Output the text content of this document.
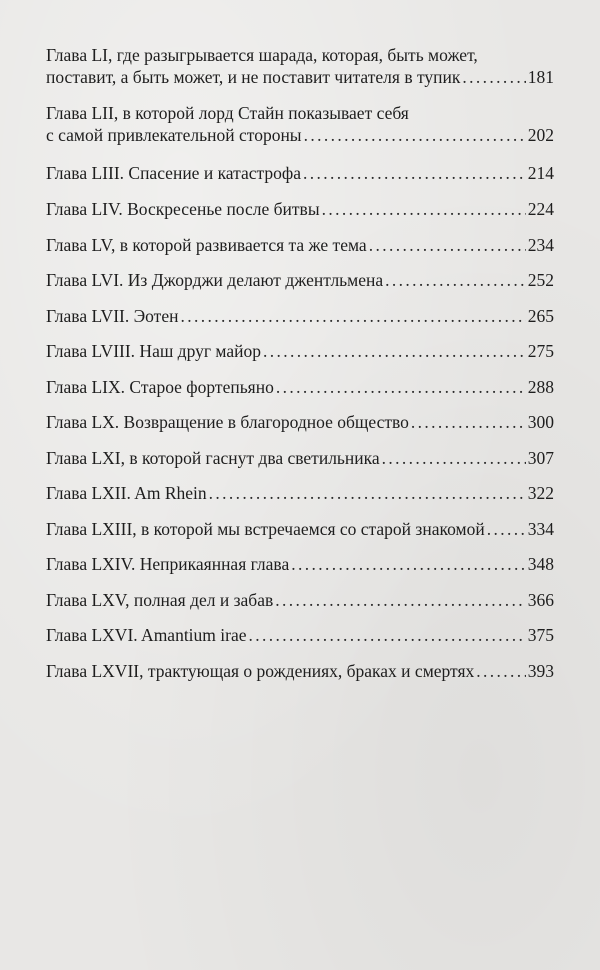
Глава LI, где разыгрывается шарада, которая, быть может,
поставит, а быть может, и не поставит читателя в тупик . . .	181
Глава LII, в которой лорд Стайн показывает себя
с самой привлекательной стороны . . .	202
Глава LIII. Спасение и катастрофа . . .	214
Глава LIV. Воскресенье после битвы . . .	224
Глава LV, в которой развивается та же тема . . .	234
Глава LVI. Из Джорджи делают джентльмена . . .	252
Глава LVII. Эотен . . .	265
Глава LVIII. Наш друг майор . . .	275
Глава LIX. Старое фортепьяно . . .	288
Глава LX. Возвращение в благородное общество . . .	300
Глава LXI, в которой гаснут два светильника . . .	307
Глава LXII. Am Rhein . . .	322
Глава LXIII, в которой мы встречаемся со старой знакомой . . . 334
Глава LXIV. Неприкаянная глава . . .	348
Глава LXV, полная дел и забав . . .	366
Глава LXVI. Amantium irae . . .	375
Глава LXVII, трактующая о рождениях, браках и смертях . . .	393
